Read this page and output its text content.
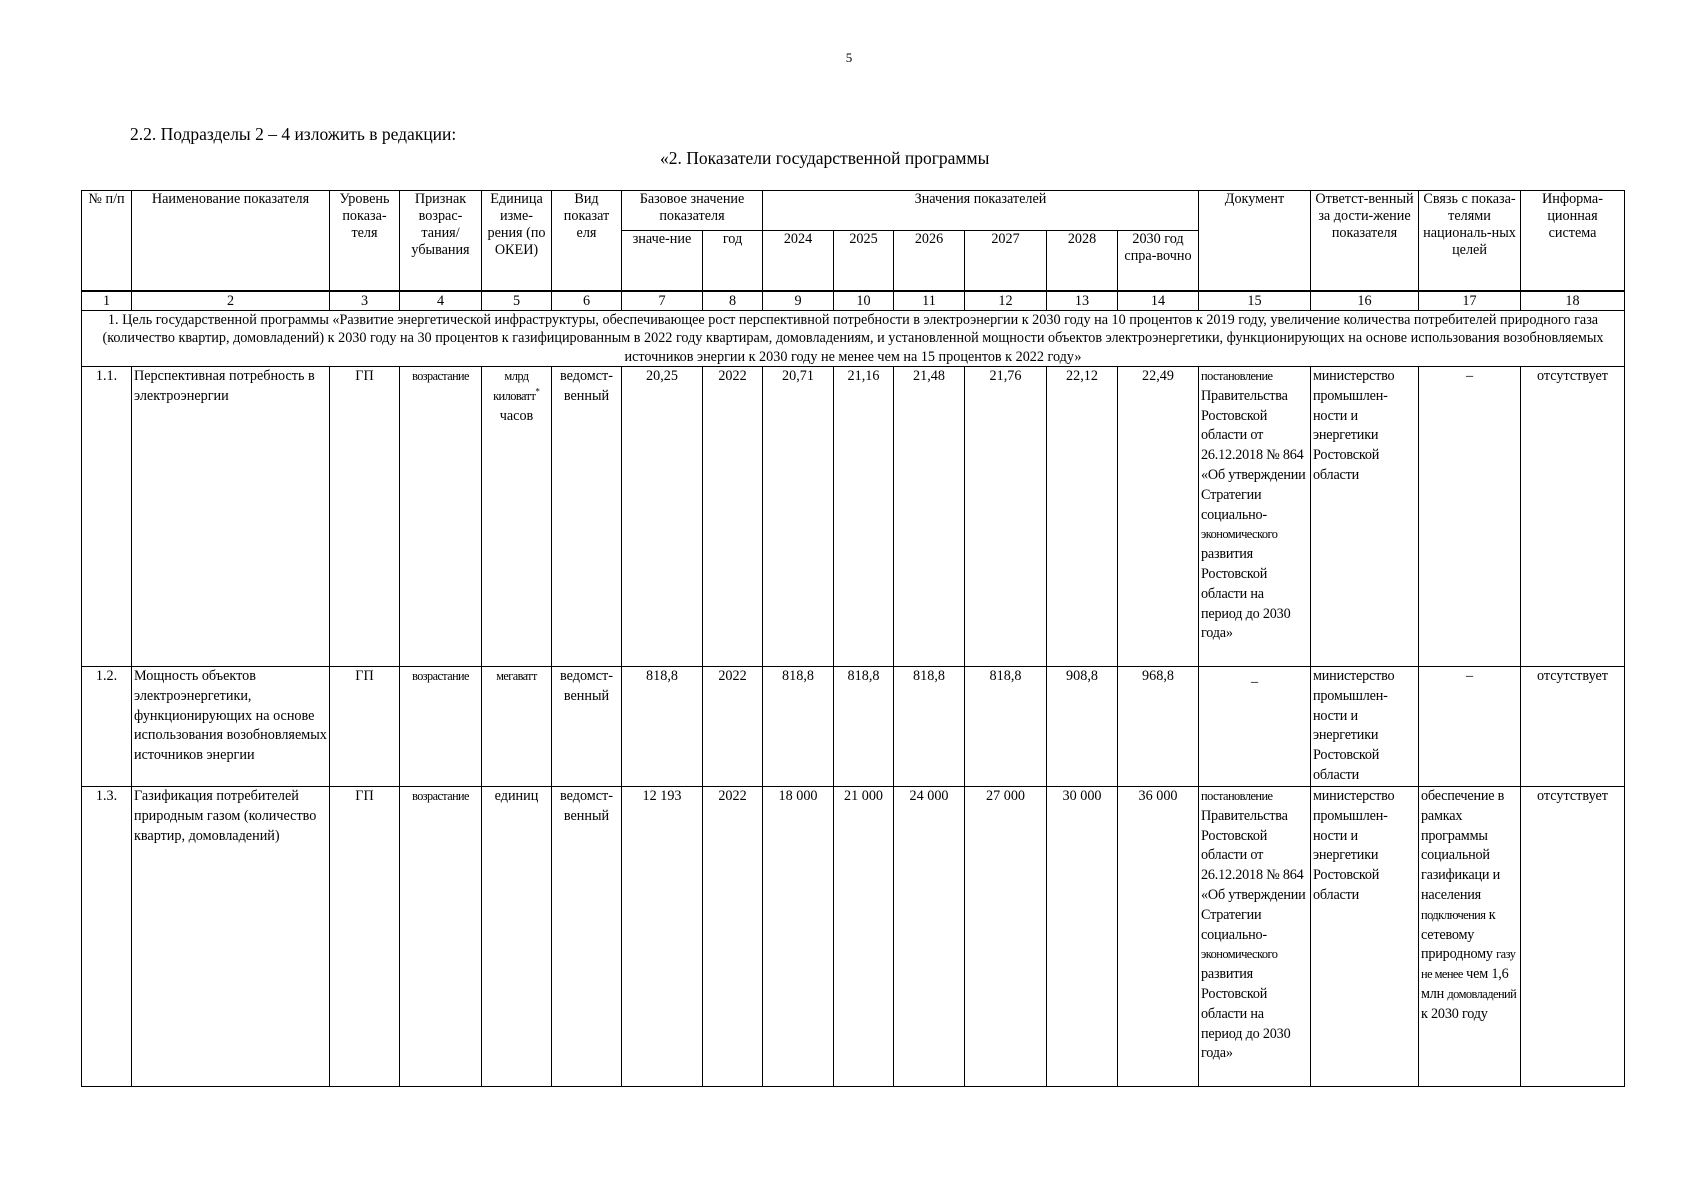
5
2.2. Подразделы 2 – 4 изложить в редакции:
«2. Показатели государственной программы
№ п/п	Наименование показателя	Уровень показа-теля	Признак возрас-тания/ убывания	Единица изме-рения (по ОКЕИ)	Вид показат еля	Базовое значение показателя		Значения показателей						Документ	Ответст-венный за дости-жение показателя	Связь с показа-телями националь-ных целей	Информа-ционная система
						значе-ние	год	2024	2025	2026	2027	2028	2030 год спра-вочно				
1	2	3	4	5	6	7	8	9	10	11	12	13	14	15	16	17	18
1. Цель государственной программы «Развитие энергетической инфраструктуры, обеспечивающее рост перспективной потребности в электроэнергии к 2030 году на 10 процентов к 2019 году, увеличение количества потребителей природного газа (количество квартир, домовладений) к 2030 году на 30 процентов к газифицированным в 2022 году квартирам, домовладениям, и установленной мощности объектов электроэнергетики, функционирующих на основе использования возобновляемых источников энергии к 2030 году не менее чем на 15 процентов к 2022 году»																	
1.1.	Перспективная потребность в электроэнергии	ГП	возрастание	млрд киловатт* часов	ведомст-венный	20,25	2022	20,71	21,16	21,48	21,76	22,12	22,49	постановление Правительства Ростовской области от 26.12.2018 № 864 «Об утверждении Стратегии социально- экономического развития Ростовской области на период до 2030 года»	министерство промышлен-ности и энергетики Ростовской области	–	отсутствует
1.2.	Мощность объектов электроэнергетики, функционирующих на основе использования возобновляемых источников энергии	ГП	возрастание	мегаватт	ведомст-венный	818,8	2022	818,8	818,8	818,8	818,8	908,8	968,8	–	министерство промышлен-ности и энергетики Ростовской области	–	отсутствует
1.3.	Газификация потребителей природным газом (количество квартир, домовладений)	ГП	возрастание	единиц	ведомст-венный	12 193	2022	18 000	21 000	24 000	27 000	30 000	36 000	постановление Правительства Ростовской области от 26.12.2018 № 864 «Об утверждении Стратегии социально- экономического развития Ростовской области на период до 2030 года»	министерство промышлен-ности и энергетики Ростовской области	обеспечение в рамках программы социальной газификаци и населения подключения к сетевому природному газу не менее чем 1,6 млн домовладений к 2030 году	отсутствует
